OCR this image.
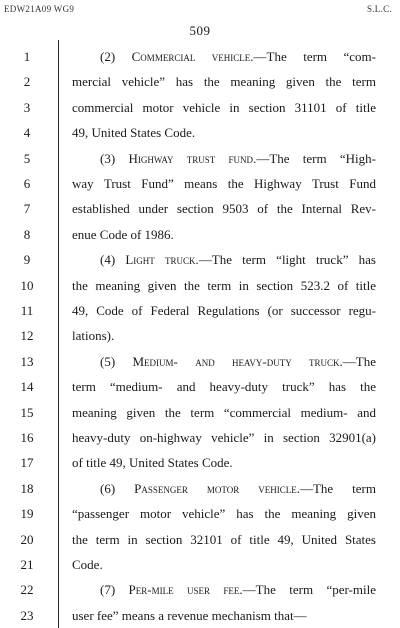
EDW21A09 WG9	S.L.C.
509
1	(2) Commercial vehicle.—The term “com-
2	mercial vehicle” has the meaning given the term
3	commercial motor vehicle in section 31101 of title
4	49, United States Code.
5	(3) Highway trust fund.—The term “High-
6	way Trust Fund” means the Highway Trust Fund
7	established under section 9503 of the Internal Rev-
8	enue Code of 1986.
9	(4) Light truck.—The term “light truck” has
10	the meaning given the term in section 523.2 of title
11	49, Code of Federal Regulations (or successor regu-
12	lations).
13	(5) Medium- and heavy-duty truck.—The
14	term “medium- and heavy-duty truck” has the
15	meaning given the term “commercial medium- and
16	heavy-duty on-highway vehicle” in section 32901(a)
17	of title 49, United States Code.
18	(6) Passenger motor vehicle.—The term
19	“passenger motor vehicle” has the meaning given
20	the term in section 32101 of title 49, United States
21	Code.
22	(7) Per-mile user fee.—The term “per-mile
23	user fee” means a revenue mechanism that—
